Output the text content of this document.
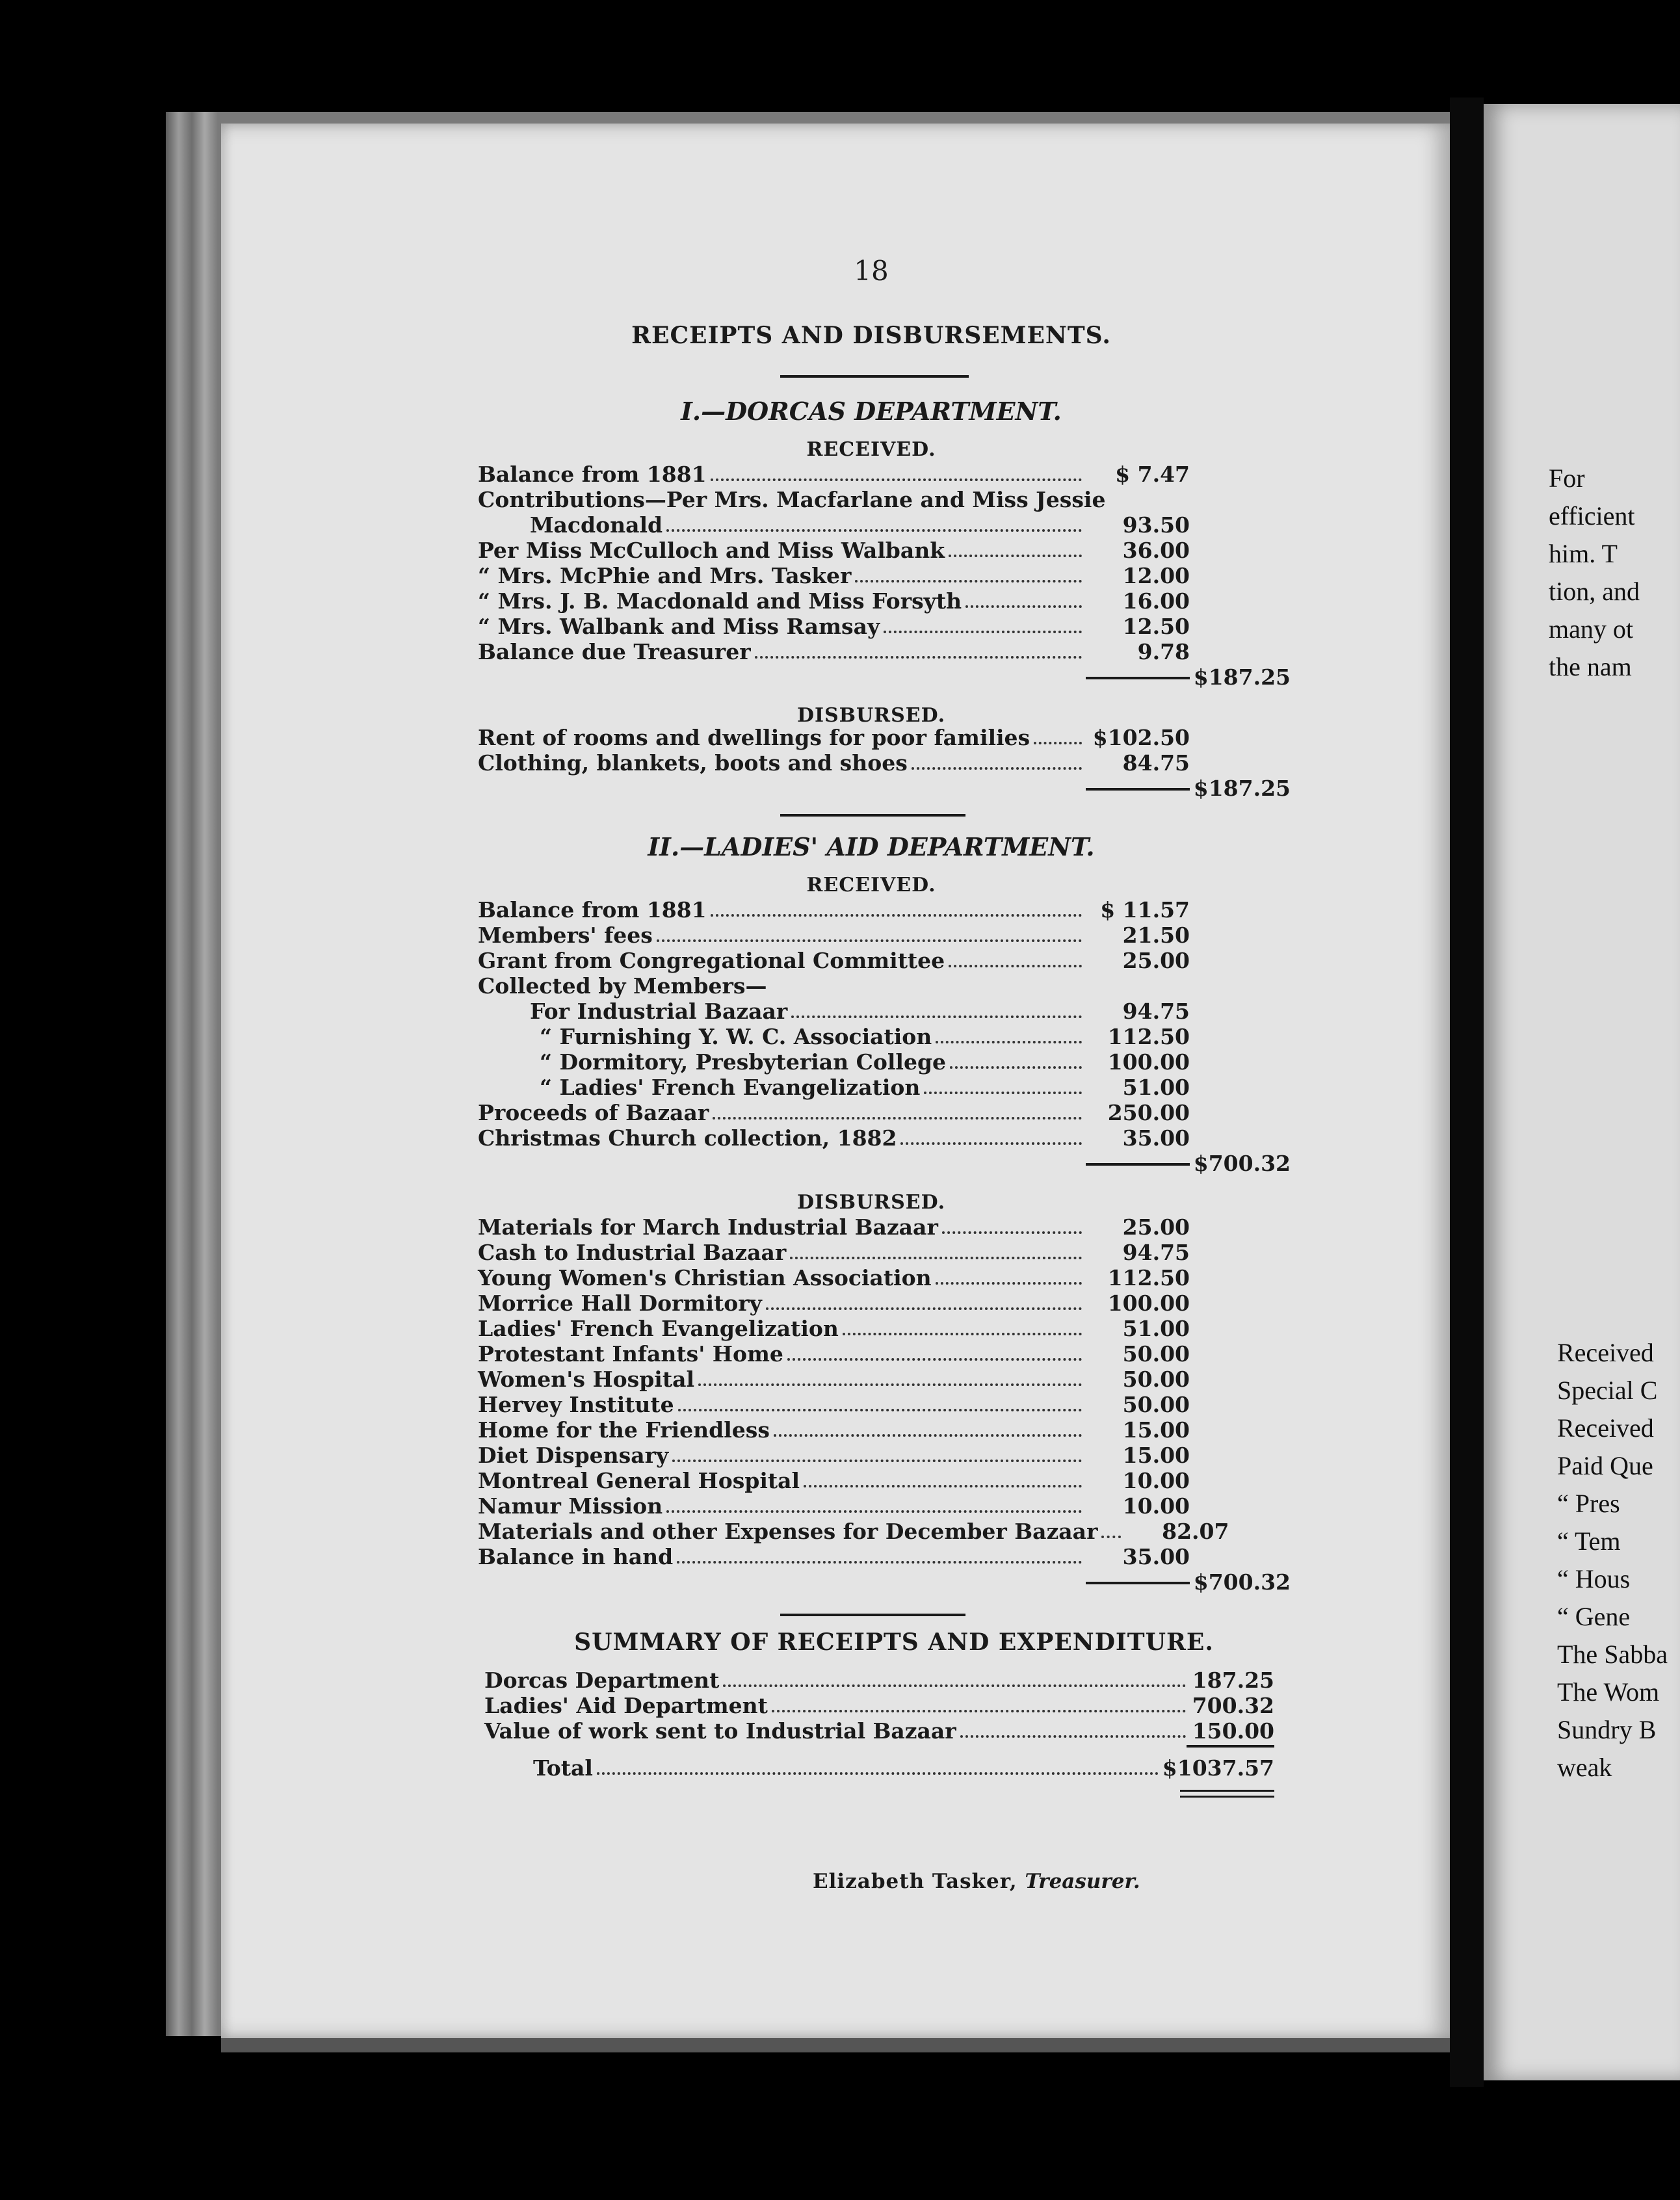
18
RECEIPTS AND DISBURSEMENTS.
I.—DORCAS DEPARTMENT.
RECEIVED.
Balance from 1881	$ 7.47
Contributions—Per Mrs. Macfarlane and Miss Jessie
Macdonald	93.50
Per Miss McCulloch and Miss Walbank	36.00
“ Mrs. McPhie and Mrs. Tasker	12.00
“ Mrs. J. B. Macdonald and Miss Forsyth	16.00
“ Mrs. Walbank and Miss Ramsay	12.50
Balance due Treasurer	9.78
$187.25
DISBURSED.
Rent of rooms and dwellings for poor families	$102.50
Clothing, blankets, boots and shoes	84.75
$187.25
II.—LADIES' AID DEPARTMENT.
RECEIVED.
Balance from 1881	$ 11.57
Members' fees	21.50
Grant from Congregational Committee	25.00
Collected by Members—
For Industrial Bazaar	94.75
“ Furnishing Y. W. C. Association	112.50
“ Dormitory, Presbyterian College	100.00
“ Ladies' French Evangelization	51.00
Proceeds of Bazaar	250.00
Christmas Church collection, 1882	35.00
$700.32
DISBURSED.
Materials for March Industrial Bazaar	25.00
Cash to Industrial Bazaar	94.75
Young Women's Christian Association	112.50
Morrice Hall Dormitory	100.00
Ladies' French Evangelization	51.00
Protestant Infants' Home	50.00
Women's Hospital	50.00
Hervey Institute	50.00
Home for the Friendless	15.00
Diet Dispensary	15.00
Montreal General Hospital	10.00
Namur Mission	10.00
Materials and other Expenses for December Bazaar	82.07
Balance in hand	35.00
$700.32
SUMMARY OF RECEIPTS AND EXPENDITURE.
Dorcas Department	187.25
Ladies' Aid Department	700.32
Value of work sent to Industrial Bazaar	150.00
Total	$1037.57
Elizabeth Tasker, Treasurer.
For
efficient
him. T
tion, and
many ot
the nam
Received
Special C
Received
Paid Que
“ Pres
“ Tem
“ Hous
“ Gene
The Sabba
The Wom
Sundry B
weak
